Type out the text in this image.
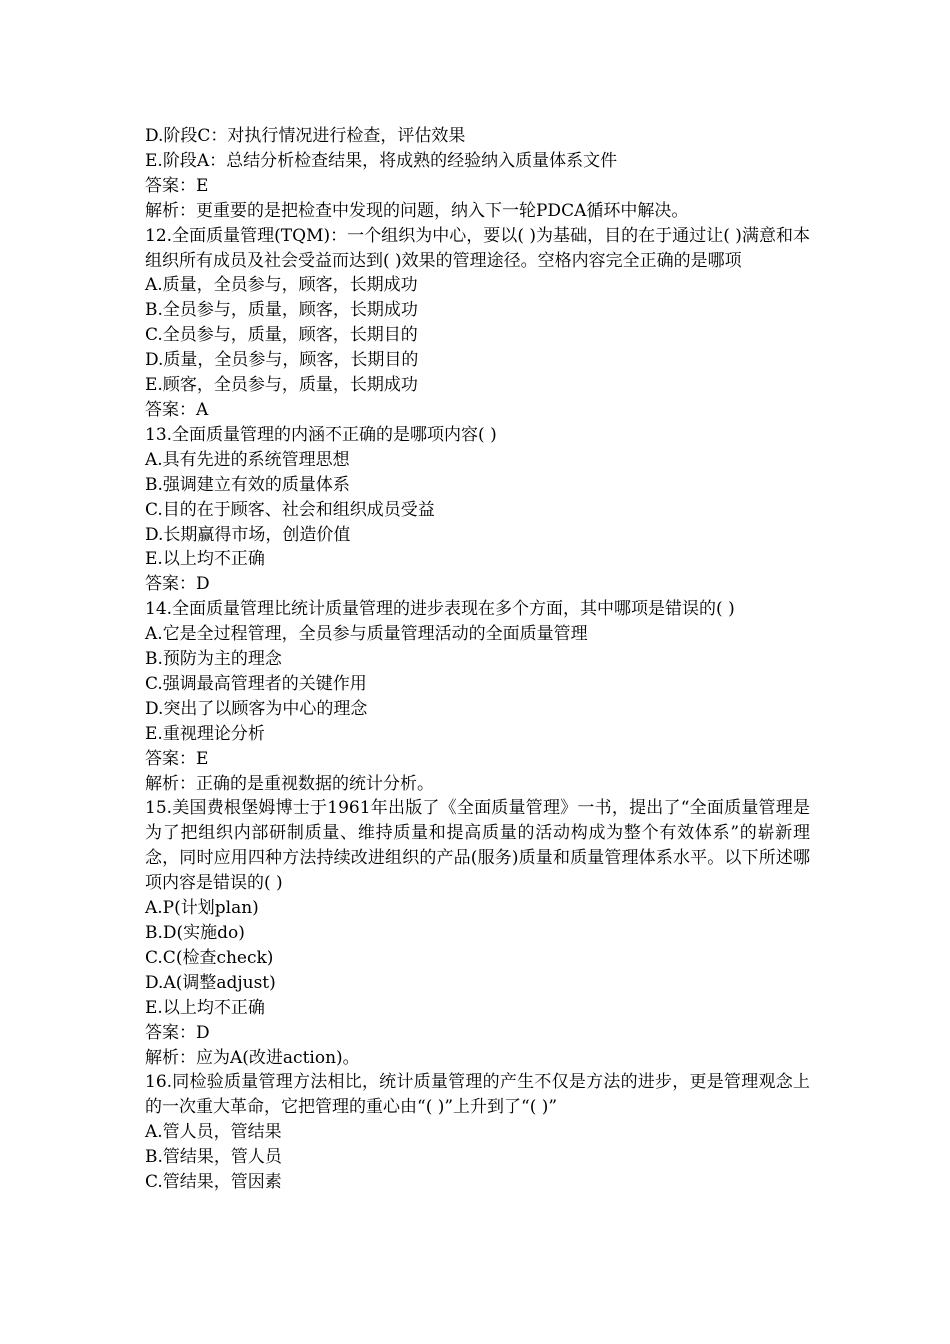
D.阶段C：对执行情况进行检查，评估效果

E.阶段A：总结分析检查结果，将成熟的经验纳入质量体系文件

答案：E

解析：更重要的是把检查中发现的问题，纳入下一轮PDCA循环中解决。

12.全面质量管理(TQM)：一个组织为中心，要以( )为基础，目的在于通过让( )满意和本组织所有成员及社会受益而达到( )效果的管理途径。空格内容完全正确的是哪项

A.质量，全员参与，顾客，长期成功

B.全员参与，质量，顾客，长期成功

C.全员参与，质量，顾客，长期目的

D.质量，全员参与，顾客，长期目的

E.顾客，全员参与，质量，长期成功

答案：A

13.全面质量管理的内涵不正确的是哪项内容( )

A.具有先进的系统管理思想

B.强调建立有效的质量体系

C.目的在于顾客、社会和组织成员受益

D.长期赢得市场，创造价值

E.以上均不正确

答案：D

14.全面质量管理比统计质量管理的进步表现在多个方面，其中哪项是错误的( )

A.它是全过程管理，全员参与质量管理活动的全面质量管理

B.预防为主的理念

C.强调最高管理者的关键作用

D.突出了以顾客为中心的理念

E.重视理论分析

答案：E

解析：正确的是重视数据的统计分析。

15.美国费根堡姆博士于1961年出版了《全面质量管理》一书，提出了“全面质量管理是为了把组织内部研制质量、维持质量和提高质量的活动构成为整个有效体系”的崭新理念，同时应用四种方法持续改进组织的产品(服务)质量和质量管理体系水平。以下所述哪项内容是错误的( )

A.P(计划plan)

B.D(实施do)

C.C(检查check)

D.A(调整adjust)

E.以上均不正确

答案：D

解析：应为A(改进action)。

16.同检验质量管理方法相比，统计质量管理的产生不仅是方法的进步，更是管理观念上的一次重大革命，它把管理的重心由“( )”上升到了“( )”

A.管人员，管结果

B.管结果，管人员

C.管结果，管因素
